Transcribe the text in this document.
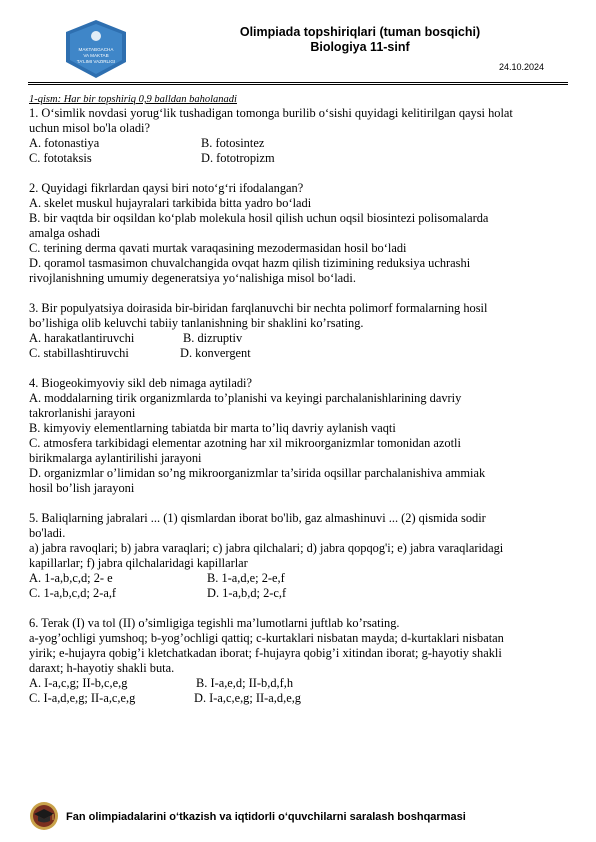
MAKTABGACHA
VA MAKTAB
TA'LIMI VAZIRLIGI
Olimpiada topshiriqlari (tuman bosqichi)
Biologiya 11-sinf
24.10.2024
1-qism: Har bir topshiriq 0,9 balldan baholanadi
1. O‘simlik novdasi yorug‘lik tushadigan tomonga burilib o‘sishi quyidagi kelitirilgan qaysi holat
uchun misol bo'la oladi?
A. fotonastiya	B. fotosintez
C. fototaksis	D. fototropizm
2. Quyidagi fikrlardan qaysi biri noto‘g‘ri ifodalangan?
A. skelet muskul hujayralari tarkibida bitta yadro bo‘ladi
B. bir vaqtda bir oqsildan ko‘plab molekula hosil qilish uchun oqsil biosintezi polisomalarda
amalga oshadi
C. terining derma qavati murtak varaqasining mezodermasidan hosil bo‘ladi
D. qoramol tasmasimon chuvalchangida ovqat hazm qilish tizimining reduksiya uchrashi
rivojlanishning umumiy degeneratsiya yo‘nalishiga misol bo‘ladi.
3. Bir populyatsiya doirasida bir-biridan farqlanuvchi bir nechta polimorf formalarning hosil
bo’lishiga olib keluvchi tabiiy tanlanishning bir shaklini ko’rsating.
A. harakatlantiruvchi	B. dizruptiv
C. stabillashtiruvchi	D. konvergent
4. Biogeokimyoviy sikl deb nimaga aytiladi?
A. moddalarning tirik organizmlarda to’planishi va keyingi parchalanishlarining davriy
takrorlanishi jarayoni
B. kimyoviy elementlarning tabiatda bir marta to’liq davriy aylanish vaqti
C. atmosfera tarkibidagi elementar azotning har xil mikroorganizmlar tomonidan azotli
birikmalarga aylantirilishi jarayoni
D. organizmlar o’limidan so’ng mikroorganizmlar ta’sirida oqsillar parchalanishiva ammiak
hosil bo’lish jarayoni
5. Baliqlarning jabralari ... (1) qismlardan iborat bo'lib, gaz almashinuvi ... (2) qismida sodir
bo'ladi.
a) jabra ravoqlari; b) jabra varaqlari; c) jabra qilchalari; d) jabra qopqog'i; e) jabra varaqlaridagi
kapillarlar; f) jabra qilchalaridagi kapillarlar
A. 1-a,b,c,d; 2- e	B. 1-a,d,e; 2-e,f
C. 1-a,b,c,d; 2-a,f	D. 1-a,b,d; 2-c,f
6. Terak (I) va tol (II) o’simligiga tegishli ma’lumotlarni juftlab ko’rsating.
a-yog’ochligi yumshoq; b-yog’ochligi qattiq; c-kurtaklari nisbatan mayda; d-kurtaklari nisbatan
yirik; e-hujayra qobig’i kletchatkadan iborat; f-hujayra qobig’i xitindan iborat; g-hayotiy shakli
daraxt; h-hayotiy shakli buta.
A. I-a,c,g; II-b,c,e,g	B. I-a,e,d; II-b,d,f,h
C. I-a,d,e,g; II-a,c,e,g	D. I-a,c,e,g; II-a,d,e,g
Fan olimpiadalarini o‘tkazish va iqtidorli o‘quvchilarni saralash boshqarmasi
